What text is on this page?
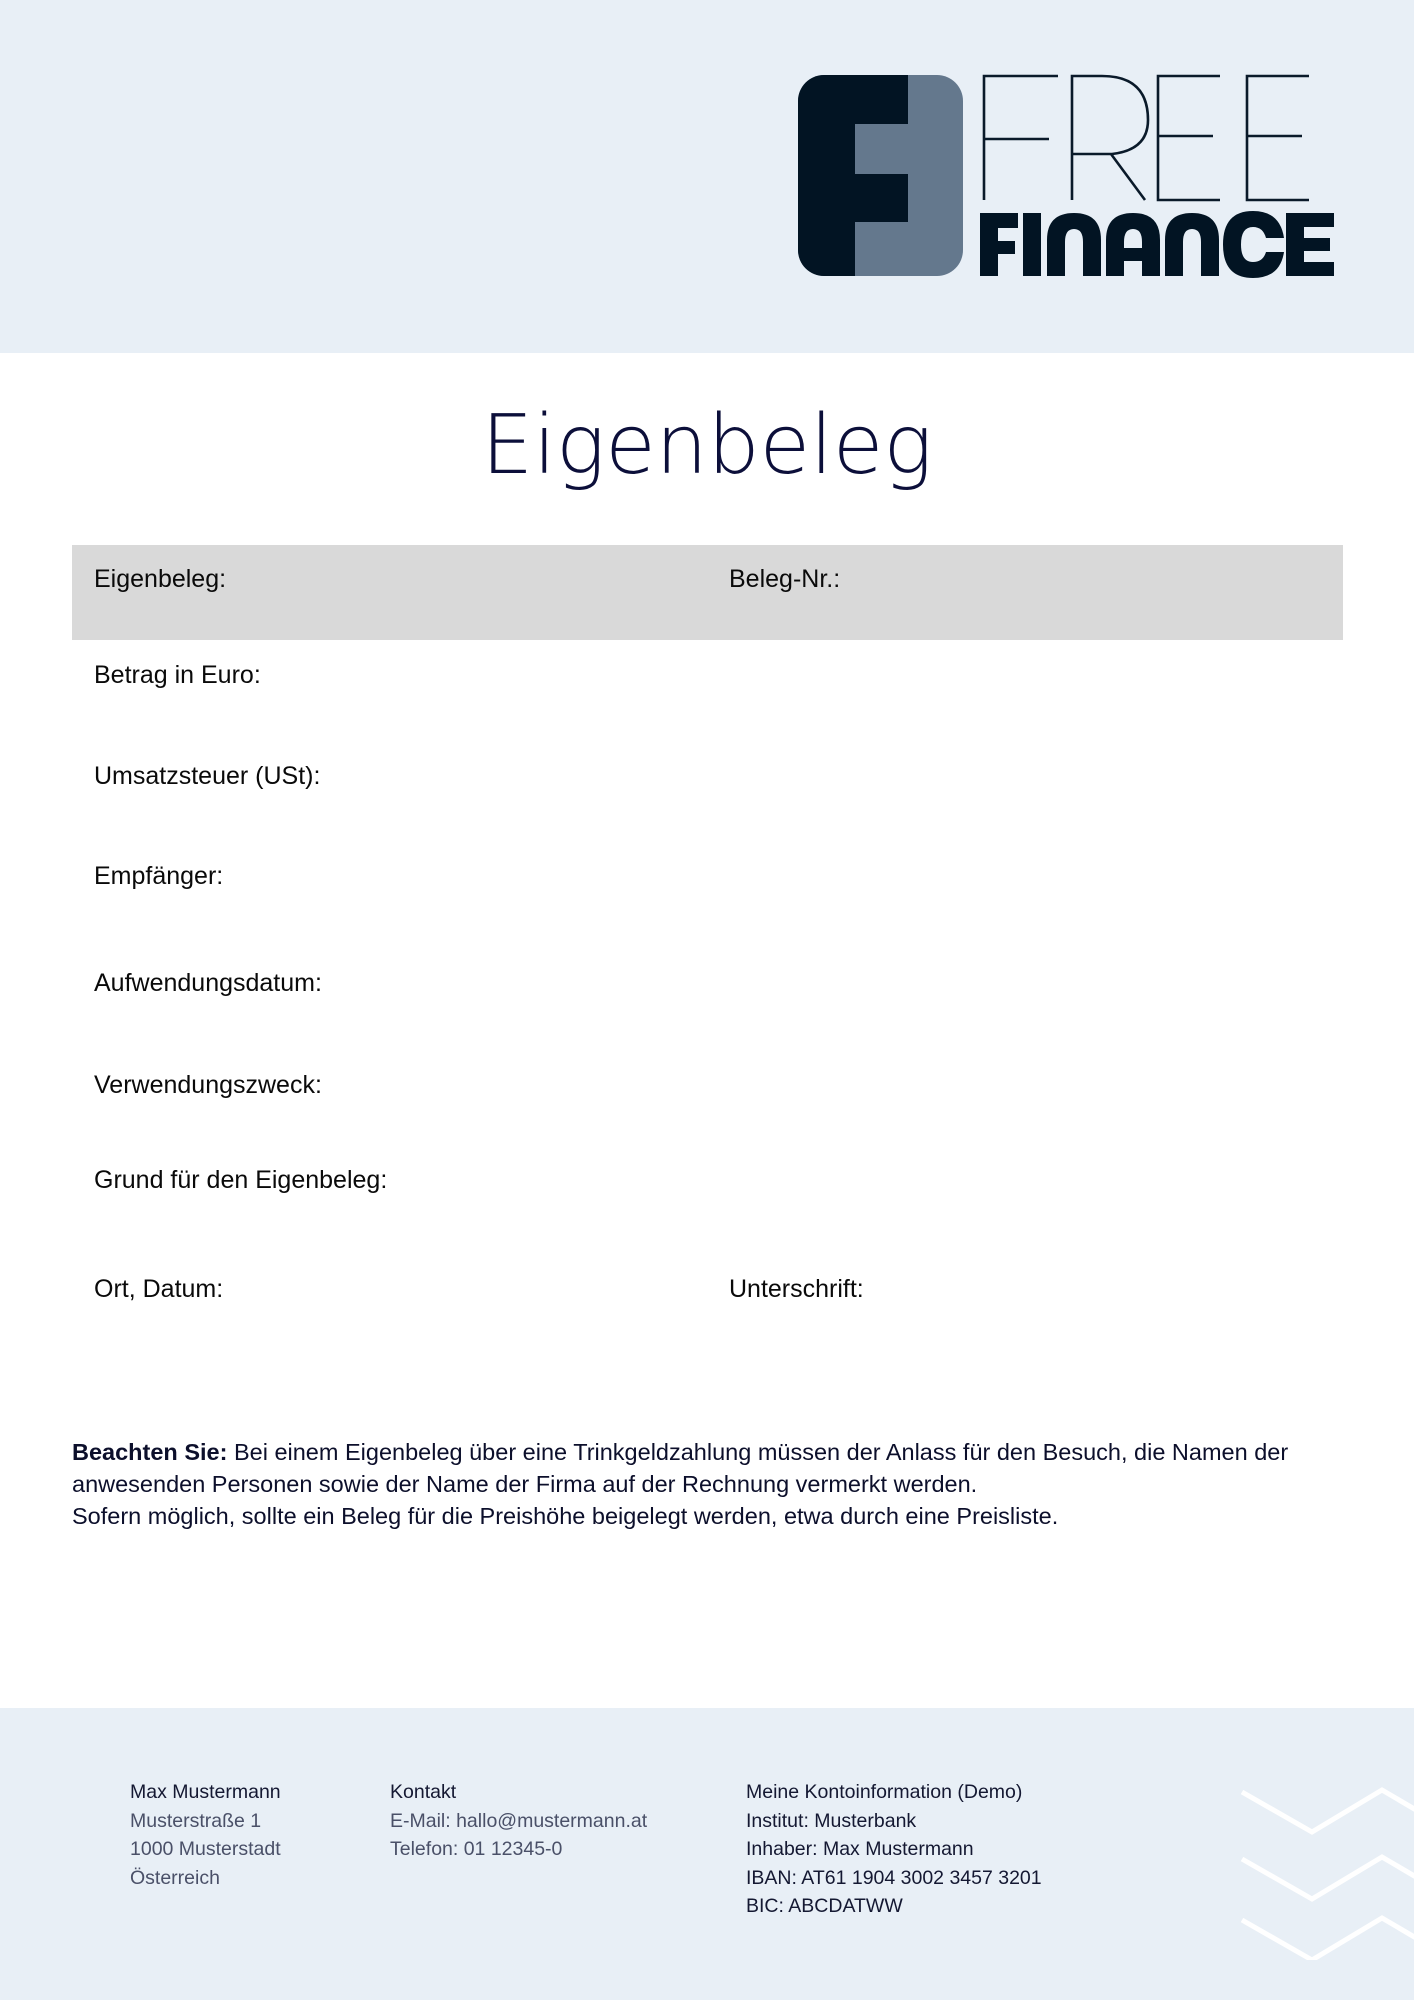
Eigenbeleg
Eigenbeleg:	Beleg-Nr.:
Betrag in Euro:
Umsatzsteuer (USt):
Empfänger:
Aufwendungsdatum:
Verwendungszweck:
Grund für den Eigenbeleg:
Ort, Datum:	Unterschrift:
Beachten Sie: Bei einem Eigenbeleg über eine Trinkgeldzahlung müssen der Anlass für den Besuch, die Namen der anwesenden Personen sowie der Name der Firma auf der Rechnung vermerkt werden.
Sofern möglich, sollte ein Beleg für die Preishöhe beigelegt werden, etwa durch eine Preisliste.
Max Mustermann
Musterstraße 1
1000 Musterstadt
Österreich
Kontakt
E-Mail: hallo@mustermann.at
Telefon: 01 12345-0
Meine Kontoinformation (Demo)
Institut: Musterbank
Inhaber: Max Mustermann
IBAN: AT61 1904 3002 3457 3201
BIC: ABCDATWW
